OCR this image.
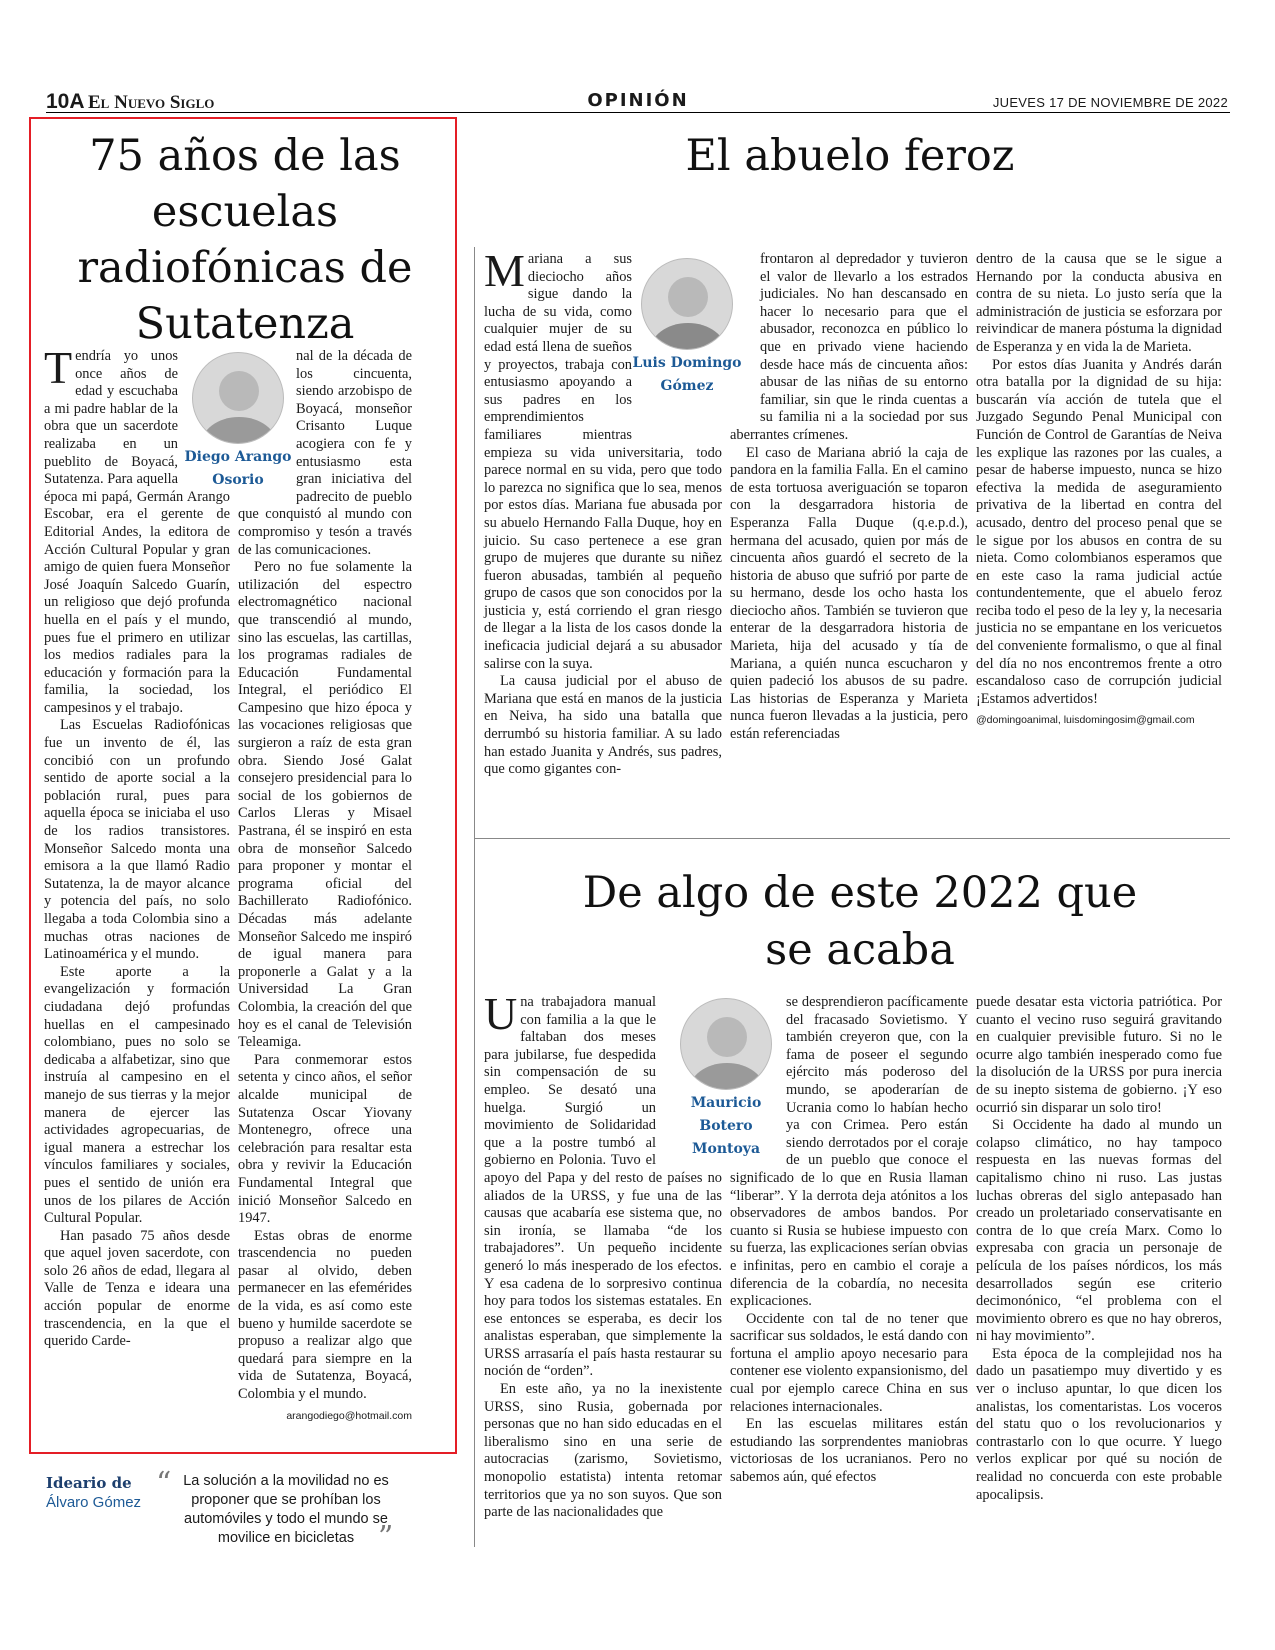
10A El Nuevo Siglo	OPINIÓN	JUEVES 17 DE NOVIEMBRE DE 2022
75 años de las escuelas radiofónicas de Sutatenza
Diego Arango
Osorio

Tendría yo unos once años de edad y escuchaba a mi padre hablar de la obra que un sacerdote realizaba en un pueblito de Boyacá, Sutatenza. Para aquella época mi papá, Germán Arango Escobar, era el gerente de Editorial Andes, la editora de Acción Cultural Popular y gran amigo de quien fuera Monseñor José Joaquín Salcedo Guarín, un religioso que dejó profunda huella en el país y el mundo, pues fue el primero en utilizar los medios radiales para la educación y formación para la familia, la sociedad, los campesinos y el trabajo.

Las Escuelas Radiofónicas fue un invento de él, las concibió con un profundo sentido de aporte social a la población rural, pues para aquella época se iniciaba el uso de los radios transistores. Monseñor Salcedo monta una emisora a la que llamó Radio Sutatenza, la de mayor alcance y potencia del país, no solo llegaba a toda Colombia sino a muchas otras naciones de Latinoamérica y el mundo.

Este aporte a la evangelización y formación ciudadana dejó profundas huellas en el campesinado colombiano, pues no solo se dedicaba a alfabetizar, sino que instruía al campesino en el manejo de sus tierras y la mejor manera de ejercer las actividades agropecuarias, de igual manera a estrechar los vínculos familiares y sociales, pues el sentido de unión era unos de los pilares de Acción Cultural Popular.

Han pasado 75 años desde que aquel joven sacerdote, con solo 26 años de edad, llegara al Valle de Tenza e ideara una acción popular de enorme trascendencia, en la que el querido Carde-

nal de la década de los cincuenta, siendo arzobispo de Boyacá, monseñor Crisanto Luque acogiera con fe y entusiasmo esta gran iniciativa del padrecito de pueblo que conquistó al mundo con compromiso y tesón a través de las comunicaciones.

Pero no fue solamente la utilización del espectro electromagnético nacional que transcendió al mundo, sino las escuelas, las cartillas, los programas radiales de Educación Fundamental Integral, el periódico El Campesino que hizo época y las vocaciones religiosas que surgieron a raíz de esta gran obra. Siendo José Galat consejero presidencial para lo social de los gobiernos de Carlos Lleras y Misael Pastrana, él se inspiró en esta obra de monseñor Salcedo para proponer y montar el programa oficial del Bachillerato Radiofónico. Décadas más adelante Monseñor Salcedo me inspiró de igual manera para proponerle a Galat y a la Universidad La Gran Colombia, la creación del que hoy es el canal de Televisión Teleamiga.

Para conmemorar estos setenta y cinco años, el señor alcalde municipal de Sutatenza Oscar Yiovany Montenegro, ofrece una celebración para resaltar esta obra y revivir la Educación Fundamental Integral que inició Monseñor Salcedo en 1947.

Estas obras de enorme trascendencia no pueden pasar al olvido, deben permanecer en las efemérides de la vida, es así como este bueno y humilde sacerdote se propuso a realizar algo que quedará para siempre en la vida de Sutatenza, Boyacá, Colombia y el mundo.

arangodiego@hotmail.com
El abuelo feroz
Luis Domingo
Gómez

Mariana a sus dieciocho años sigue dando la lucha de su vida, como cualquier mujer de su edad está llena de sueños y proyectos, trabaja con entusiasmo apoyando a sus padres en los emprendimientos familiares mientras empieza su vida universitaria, todo parece normal en su vida, pero que todo lo parezca no significa que lo sea, menos por estos días. Mariana fue abusada por su abuelo Hernando Falla Duque, hoy en juicio. Su caso pertenece a ese gran grupo de mujeres que durante su niñez fueron abusadas, también al pequeño grupo de casos que son conocidos por la justicia y, está corriendo el gran riesgo de llegar a la lista de los casos donde la ineficacia judicial dejará a su abusador salirse con la suya.

La causa judicial por el abuso de Mariana que está en manos de la justicia en Neiva, ha sido una batalla que derrumbó su historia familiar. A su lado han estado Juanita y Andrés, sus padres, que como gigantes con-

frontaron al depredador y tuvieron el valor de llevarlo a los estrados judiciales. No han descansado en hacer lo necesario para que el abusador, reconozca en público lo que en privado viene haciendo desde hace más de cincuenta años: abusar de las niñas de su entorno familiar, sin que le rinda cuentas a su familia ni a la sociedad por sus aberrantes crímenes.

El caso de Mariana abrió la caja de pandora en la familia Falla. En el camino de esta tortuosa averiguación se toparon con la desgarradora historia de Esperanza Falla Duque (q.e.p.d.), hermana del acusado, quien por más de cincuenta años guardó el secreto de la historia de abuso que sufrió por parte de su hermano, desde los ocho hasta los dieciocho años. También se tuvieron que enterar de la desgarradora historia de Marieta, hija del acusado y tía de Mariana, a quién nunca escucharon y quien padeció los abusos de su padre. Las historias de Esperanza y Marieta nunca fueron llevadas a la justicia, pero están referenciadas

dentro de la causa que se le sigue a Hernando por la conducta abusiva en contra de su nieta. Lo justo sería que la administración de justicia se esforzara por reivindicar de manera póstuma la dignidad de Esperanza y en vida la de Marieta.

Por estos días Juanita y Andrés darán otra batalla por la dignidad de su hija: buscarán vía acción de tutela que el Juzgado Segundo Penal Municipal con Función de Control de Garantías de Neiva les explique las razones por las cuales, a pesar de haberse impuesto, nunca se hizo efectiva la medida de aseguramiento privativa de la libertad en contra del acusado, dentro del proceso penal que se le sigue por los abusos en contra de su nieta. Como colombianos esperamos que en este caso la rama judicial actúe contundentemente, que el abuelo feroz reciba todo el peso de la ley y, la necesaria justicia no se empantane en los vericuetos del conveniente formalismo, o que al final del día no nos encontremos frente a otro escandaloso caso de corrupción judicial ¡Estamos advertidos!

@domingoanimal, luisdomingosim@gmail.com
De algo de este 2022 que se acaba
Mauricio
Botero
Montoya

Una trabajadora manual con familia a la que le faltaban dos meses para jubilarse, fue despedida sin compensación de su empleo. Se desató una huelga. Surgió un movimiento de Solidaridad que a la postre tumbó al gobierno en Polonia. Tuvo el apoyo del Papa y del resto de países no aliados de la URSS, y fue una de las causas que acabaría ese sistema que, no sin ironía, se llamaba “de los trabajadores”. Un pequeño incidente generó lo más inesperado de los efectos. Y esa cadena de lo sorpresivo continua hoy para todos los sistemas estatales. En ese entonces se esperaba, es decir los analistas esperaban, que simplemente la URSS arrasaría el país hasta restaurar su noción de “orden”.

En este año, ya no la inexistente URSS, sino Rusia, gobernada por personas que no han sido educadas en el liberalismo sino en una serie de autocracias (zarismo, Sovietismo, monopolio estatista) intenta retomar territorios que ya no son suyos. Que son parte de las nacionalidades que

se desprendieron pacíficamente del fracasado Sovietismo. Y también creyeron que, con la fama de poseer el segundo ejército más poderoso del mundo, se apoderarían de Ucrania como lo habían hecho ya con Crimea. Pero están siendo derrotados por el coraje de un pueblo que conoce el significado de lo que en Rusia llaman “liberar”. Y la derrota deja atónitos a los observadores de ambos bandos. Por cuanto si Rusia se hubiese impuesto con su fuerza, las explicaciones serían obvias e infinitas, pero en cambio el coraje a diferencia de la cobardía, no necesita explicaciones.

Occidente con tal de no tener que sacrificar sus soldados, le está dando con fortuna el amplio apoyo necesario para contener ese violento expansionismo, del cual por ejemplo carece China en sus relaciones internacionales.

En las escuelas militares están estudiando las sorprendentes maniobras victoriosas de los ucranianos. Pero no sabemos aún, qué efectos

puede desatar esta victoria patriótica. Por cuanto el vecino ruso seguirá gravitando en cualquier previsible futuro. Si no le ocurre algo también inesperado como fue la disolución de la URSS por pura inercia de su inepto sistema de gobierno. ¡Y eso ocurrió sin disparar un solo tiro!

Si Occidente ha dado al mundo un colapso climático, no hay tampoco respuesta en las nuevas formas del capitalismo chino ni ruso. Las justas luchas obreras del siglo antepasado han creado un proletariado conservatisante en contra de lo que creía Marx. Como lo expresaba con gracia un personaje de película de los países nórdicos, los más desarrollados según ese criterio decimonónico, “el problema con el movimiento obrero es que no hay obreros, ni hay movimiento”.

Esta época de la complejidad nos ha dado un pasatiempo muy divertido y es ver o incluso apuntar, lo que dicen los analistas, los comentaristas. Los voceros del statu quo o los revolucionarios y contrastarlo con lo que ocurre. Y luego verlos explicar por qué su noción de realidad no concuerda con este probable apocalipsis.

Ideario de
Álvaro Gómez
“ La solución a la movilidad no es proponer que se prohíban los automóviles y todo el mundo se movilice en bicicletas ”
